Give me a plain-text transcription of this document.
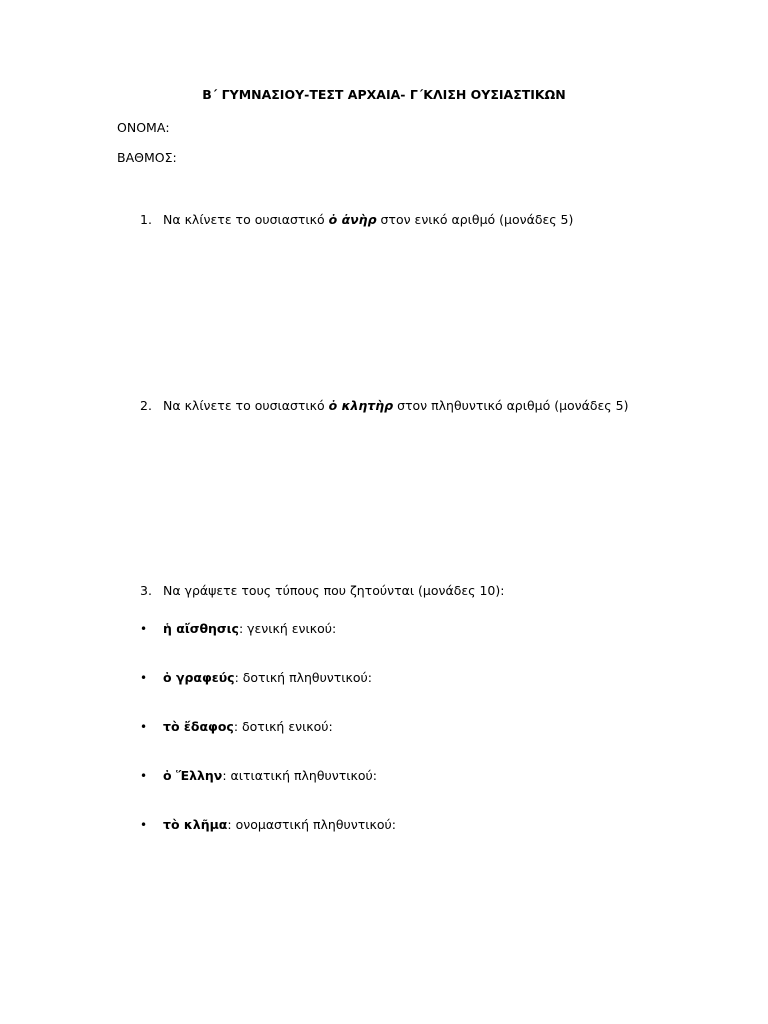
Β΄ ΓΥΜΝΑΣΙΟΥ-ΤΕΣΤ ΑΡΧΑΙΑ- Γ΄ΚΛΙΣΗ ΟΥΣΙΑΣΤΙΚΩΝ
ΟΝΟΜΑ:
ΒΑΘΜΟΣ:
1. Να κλίνετε το ουσιαστικό ὁ ἀνὴρ στον ενικό αριθμό (μονάδες 5)
2. Να κλίνετε το ουσιαστικό ὁ κλητὴρ στον πληθυντικό αριθμό (μονάδες 5)
3. Να γράψετε τους τύπους που ζητούνται (μονάδες 10):
• ἡ αἴσθησις: γενική ενικού:
• ὁ γραφεύς: δοτική πληθυντικού:
• τὸ ἔδαφος: δοτική ενικού:
• ὁ Ἕλλην: αιτιατική πληθυντικού:
• τὸ κλῆμα: ονομαστική πληθυντικού:
